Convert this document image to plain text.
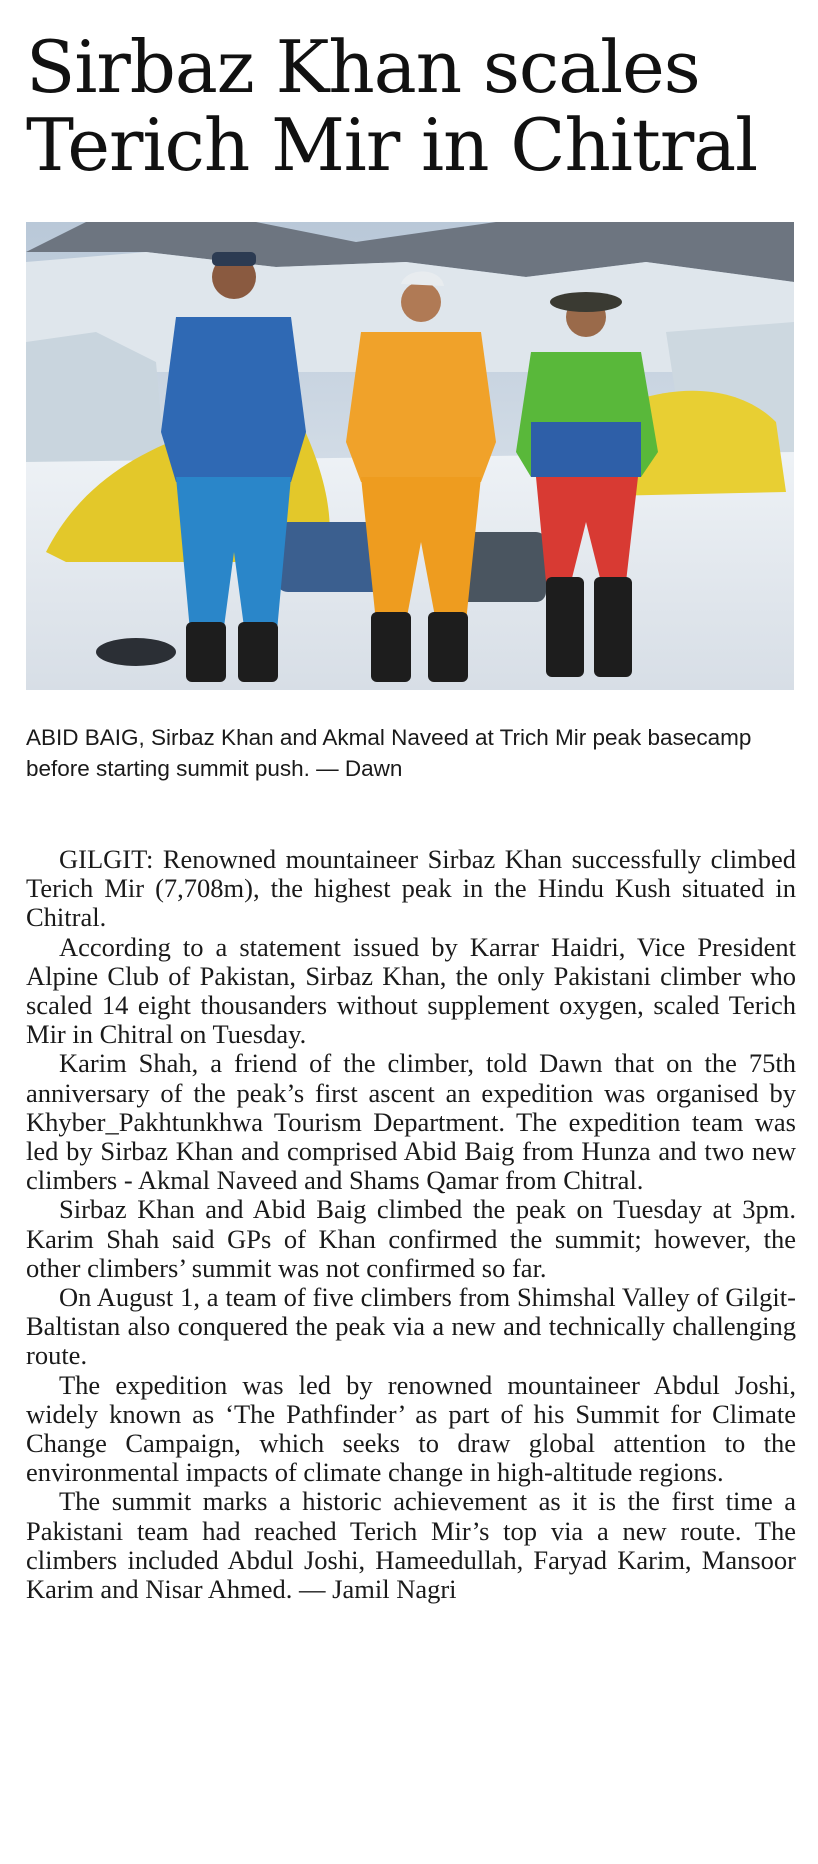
Sirbaz Khan scales Terich Mir in Chitral

ABID BAIG, Sirbaz Khan and Akmal Naveed at Trich Mir peak basecamp before starting summit push. — Dawn

GILGIT: Renowned mountaineer Sirbaz Khan successfully climbed Terich Mir (7,708m), the highest peak in the Hindu Kush situated in Chitral.

According to a statement issued by Karrar Haidri, Vice President Alpine Club of Pakistan, Sirbaz Khan, the only Pakistani climber who scaled 14 eight thousanders without supplement oxygen, scaled Terich Mir in Chitral on Tuesday.

Karim Shah, a friend of the climber, told Dawn that on the 75th anniversary of the peak’s first ascent an expedition was organised by Khyber_Pakhtunkhwa Tourism Department. The expedition team was led by Sirbaz Khan and comprised Abid Baig from Hunza and two new climbers - Akmal Naveed and Shams Qamar from Chitral.

Sirbaz Khan and Abid Baig climbed the peak on Tuesday at 3pm. Karim Shah said GPs of Khan confirmed the summit; however, the other climbers’ summit was not confirmed so far.

On August 1, a team of five climbers from Shimshal Valley of Gilgit-Baltistan also conquered the peak via a new and technically challenging route.

The expedition was led by renowned mountaineer Abdul Joshi, widely known as ‘The Pathfinder’ as part of his Summit for Climate Change Campaign, which seeks to draw global attention to the environmental impacts of climate change in high-altitude regions.

The summit marks a historic achievement as it is the first time a Pakistani team had reached Terich Mir’s top via a new route. The climbers included Abdul Joshi, Hameedullah, Faryad Karim, Mansoor Karim and Nisar Ahmed. — Jamil Nagri
